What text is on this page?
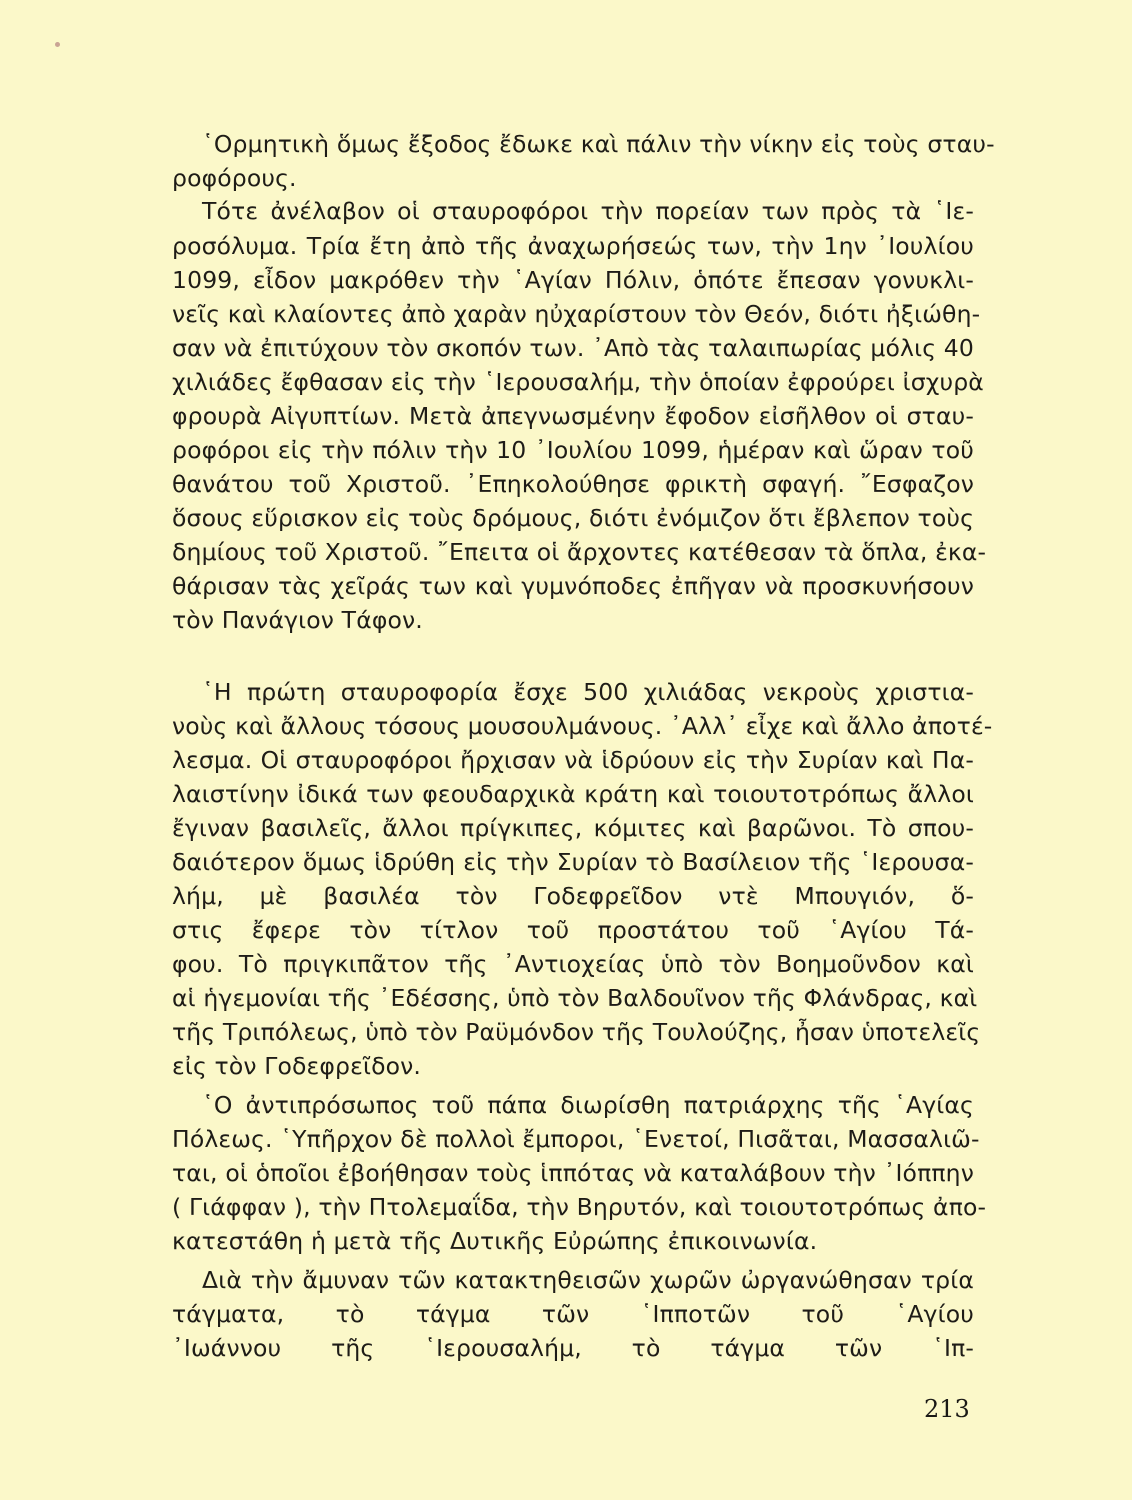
῾Ορμητικὴ ὅμως ἔξοδος ἔδωκε καὶ πάλιν τὴν νίκην εἰς τοὺς σταυ-
ροφόρους.
Τότε ἀνέλαβον οἱ σταυροφόροι τὴν πορείαν των πρὸς τὰ ῾Ιε-
ροσόλυμα. Τρία ἔτη ἀπὸ τῆς ἀναχωρήσεώς των, τὴν 1ην ᾿Ιουλίου
1099, εἶδον μακρόθεν τὴν ῾Αγίαν Πόλιν, ὁπότε ἔπεσαν γονυκλι-
νεῖς καὶ κλαίοντες ἀπὸ χαρὰν ηὐχαρίστουν τὸν Θεόν, διότι ἠξιώθη-
σαν νὰ ἐπιτύχουν τὸν σκοπόν των. ᾿Απὸ τὰς ταλαιπωρίας μόλις 40
χιλιάδες ἔφθασαν εἰς τὴν ῾Ιερουσαλήμ, τὴν ὁποίαν ἐφρούρει ἰσχυρὰ
φρουρὰ Αἰγυπτίων. Μετὰ ἀπεγνωσμένην ἔφοδον εἰσῆλθον οἱ σταυ-
ροφόροι εἰς τὴν πόλιν τὴν 10 ᾿Ιουλίου 1099, ἡμέραν καὶ ὥραν τοῦ
θανάτου τοῦ Χριστοῦ. ᾿Επηκολούθησε φρικτὴ σφαγή. ῎Εσφαζον
ὅσους εὕρισκον εἰς τοὺς δρόμους, διότι ἐνόμιζον ὅτι ἔβλεπον τοὺς
δημίους τοῦ Χριστοῦ. ῎Επειτα οἱ ἄρχοντες κατέθεσαν τὰ ὅπλα, ἐκα-
θάρισαν τὰς χεῖράς των καὶ γυμνόποδες ἐπῆγαν νὰ προσκυνήσουν
τὸν Πανάγιον Τάφον.
῾Η πρώτη σταυροφορία ἔσχε 500 χιλιάδας νεκροὺς χριστια-
νοὺς καὶ ἄλλους τόσους μουσουλμάνους. ᾿Αλλ᾿ εἶχε καὶ ἄλλο ἀποτέ-
λεσμα. Οἱ σταυροφόροι ἤρχισαν νὰ ἱδρύουν εἰς τὴν Συρίαν καὶ Πα-
λαιστίνην ἰδικά των φεουδαρχικὰ κράτη καὶ τοιουτοτρόπως ἄλλοι
ἔγιναν βασιλεῖς, ἄλλοι πρίγκιπες, κόμιτες καὶ βαρῶνοι. Τὸ σπου-
δαιότερον ὅμως ἱδρύθη εἰς τὴν Συρίαν τὸ Βασίλειον τῆς ῾Ιερουσα-
λήμ, μὲ βασιλέα τὸν Γοδεφρεῖδον ντὲ Μπουγιόν, ὅ-
στις ἔφερε τὸν τίτλον τοῦ προστάτου τοῦ ῾Αγίου Τά-
φου. Τὸ πριγκιπᾶτον τῆς ᾿Αντιοχείας ὑπὸ τὸν Βοημοῦνδον καὶ
αἱ ἡγεμονίαι τῆς ᾿Εδέσσης, ὑπὸ τὸν Βαλδουῖνον τῆς Φλάνδρας, καὶ
τῆς Τριπόλεως, ὑπὸ τὸν Ραϋμόνδον τῆς Τουλούζης, ἦσαν ὑποτελεῖς
εἰς τὸν Γοδεφρεῖδον.
῾Ο ἀντιπρόσωπος τοῦ πάπα διωρίσθη πατριάρχης τῆς ῾Αγίας
Πόλεως. ῾Υπῆρχον δὲ πολλοὶ ἔμποροι, ῾Ενετοί, Πισᾶται, Μασσαλιῶ-
ται, οἱ ὁποῖοι ἐβοήθησαν τοὺς ἱππότας νὰ καταλάβουν τὴν ᾿Ιόππην
( Γιάφφαν ), τὴν Πτολεμαΐδα, τὴν Βηρυτόν, καὶ τοιουτοτρόπως ἀπο-
κατεστάθη ἡ μετὰ τῆς Δυτικῆς Εὐρώπης ἐπικοινωνία.
Διὰ τὴν ἄμυναν τῶν κατακτηθεισῶν χωρῶν ὠργανώθησαν τρία
τάγματα, τὸ τάγμα τῶν ῾Ιπποτῶν τοῦ ῾Αγίου
᾿Ιωάννου τῆς ῾Ιερουσαλήμ, τὸ τάγμα τῶν ῾Ιπ-
213
